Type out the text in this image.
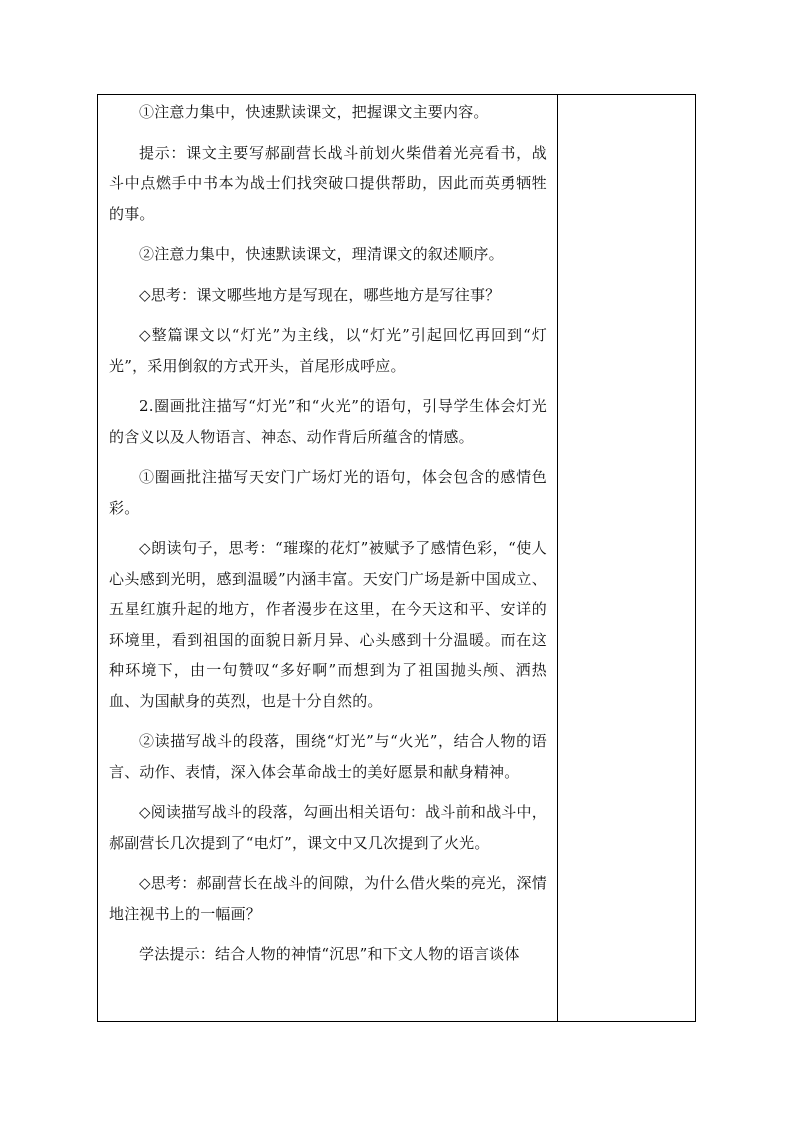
①注意力集中，快速默读课文，把握课文主要内容。

提示：课文主要写郝副营长战斗前划火柴借着光亮看书，战斗中点燃手中书本为战士们找突破口提供帮助，因此而英勇牺牲的事。

②注意力集中，快速默读课文，理清课文的叙述顺序。

◇思考：课文哪些地方是写现在，哪些地方是写往事？

◇整篇课文以“灯光”为主线，以“灯光”引起回忆再回到“灯光”，采用倒叙的方式开头，首尾形成呼应。

2.圈画批注描写“灯光”和“火光”的语句，引导学生体会灯光的含义以及人物语言、神态、动作背后所蕴含的情感。

①圈画批注描写天安门广场灯光的语句，体会包含的感情色彩。

◇朗读句子，思考：“璀璨的花灯”被赋予了感情色彩，“使人心头感到光明，感到温暖”内涵丰富。天安门广场是新中国成立、五星红旗升起的地方，作者漫步在这里，在今天这和平、安详的环境里，看到祖国的面貌日新月异、心头感到十分温暖。而在这种环境下，由一句赞叹“多好啊”而想到为了祖国抛头颅、洒热血、为国献身的英烈，也是十分自然的。

②读描写战斗的段落，围绕“灯光”与“火光”，结合人物的语言、动作、表情，深入体会革命战士的美好愿景和献身精神。

◇阅读描写战斗的段落，勾画出相关语句：战斗前和战斗中，郝副营长几次提到了“电灯”，课文中又几次提到了火光。

◇思考：郝副营长在战斗的间隙，为什么借火柴的亮光，深情地注视书上的一幅画？

学法提示：结合人物的神情“沉思”和下文人物的语言谈体
